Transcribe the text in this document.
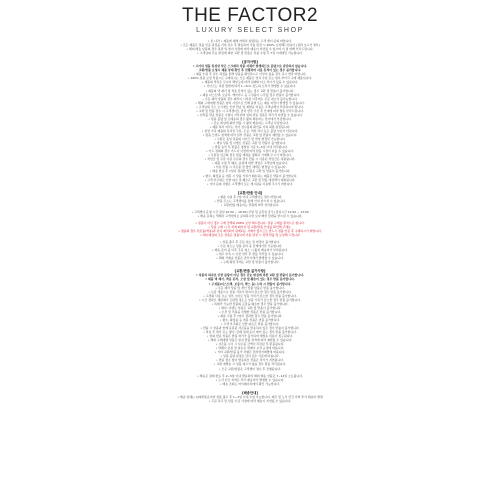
THE FACTOR2
LUXURY SELECT SHOP
• 본 나라 • 제품에 대해 자세히 설명하는 고객 센터 문의 바랍니다.
• 모든 제품은 정품 인증 과정을 거쳐 검수 후 발송되며 가품 판정 시 200% 보상해드립니다 (결과 보고서 첨부)
• 해외 배송 상품의 경우 통관 및 현지 사정에 따라 배송이 지연될 수 있으며 이 점 양해 부탁드립니다.
• 고객님의 단순 변심에 의한 교환 및 반품은 상품 수령 후 7일 이내에만 가능합니다.
[공지사항]
• 고가의 명품 특성상 작은 스크래치 상품 자체가 발생하므로 불량으로 판단하지 않습니다.
교환/반품 요청시 제품 상태 확인 후 진행되며 사용 흔적이 있는 경우 불가합니다.
• 제품 수령 후 검수 과정을 통해 상품을 확인하시고 이상이 있을 경우 즉시 연락 바랍니다.
• 100% 정품 보장 상품으로 구매하시는 모든 제품은 정식 수입 또는 현지 부티크 구매 제품입니다.
• 제품의 색상은 모니터 해상도에 따라 실제와 다소 차이가 있을 수 있습니다.
• 사이즈는 측정 방법에 따라 1~3cm 정도의 오차가 발생할 수 있습니다.
• 제품의 택 제거 및 착용 흔적이 있는 경우 교환 및 반품이 불가합니다.
• 제품 더스트백, 보증서, 케어카드 등 구성품이 누락될 경우 반품이 불가합니다.
• 주문 제작 상품의 경우 제작이 시작된 이후에는 주문 취소가 불가능합니다.
• 해외 구매대행 상품은 현지 사정으로 인해 품절 또는 배송 지연이 발생할 수 있습니다.
• 고객님의 주소 오기재로 인한 반송 및 재발송 비용은 고객님께서 부담하셔야 합니다.
• 교환 및 반품 접수 시 고객센터로 먼저 연락 주신 후 안내에 따라 발송 부탁드립니다.
• 선착불 반송 상품은 수령이 거부되며 임의 반송 상품은 처리가 지연될 수 있습니다.
• 상품 불량 및 오배송의 경우 왕복 배송비는 당사에서 부담합니다.
• 단순 변심에 의한 반품 시 왕복 배송비는 고객님 부담입니다.
• 제품 하자 여부는 당사 검수팀의 확인을 거쳐 최종 판정됩니다.
• 천연 가죽 제품의 특성상 주름, 모공, 색상 차이 등은 불량 사유가 아닙니다.
• 명품 브랜드 정책에 따라 일부 상품은 교환 및 반품이 제한될 수 있습니다.
• 교환은 동일 상품의 사이즈 및 색상 변경만 가능합니다.
• 세일 상품 및 이벤트 상품은 교환 및 반품이 불가합니다.
• 반품 승인 후 환불은 영업일 기준 3~5일 이내 처리됩니다.
• 카드 결제의 경우 카드사 사정에 따라 환불 시점이 다를 수 있습니다.
• 무통장 입금의 경우 환불 계좌를 정확히 기재해 주시기 바랍니다.
• 적립금 및 쿠폰 사용 주문의 경우 반품 시 사용된 적립금은 복원됩니다.
• 제품 수령 후 훼손, 분실에 대한 책임은 고객님께 있습니다.
• 부분 반품 시 사은품 및 할인 혜택은 변경될 수 있습니다.
• 배송 완료 후 7일이 경과한 상품은 교환 및 반품이 불가합니다.
• 향수, 화장품 등 개봉 시 상품 가치가 훼손되는 제품은 반품이 불가합니다.
• 고객 부주의로 인한 파손 및 훼손은 교환 및 반품 대상에서 제외됩니다.
• 기타 문의 사항은 고객센터 또는 게시판을 이용해 주시기 바랍니다.
[교환/반품 안내]
• 제품 수령 후 7일 이내 고객센터로 접수 바랍니다.
• 반품 주소는 고객센터를 통해 안내 받으실 수 있습니다.
• 교환/반품 배송비는 상황에 따라 상이합니다.
• 고객센터 운영 시간 평일 10:00 ~ 18:00 (주말 및 공휴일 휴무) 점심시간 12:00 ~ 13:00
• 배송 문의는 택배사 고객센터로 문의하시면 보다 빠른 답변을 받으실 수 있습니다.
• 정품이 아닌 경우 구매 금액의 200% 보상 해드립니다. 정품 구매를 원칙으로 합니다.
• 상품 구매 시 꼭 상세 페이지 및 교환/반품 안내를 확인해 주세요.
• 명품의 경우 위조품(짝퉁)과 같이 제작되어 판매되는 사례가 많으므로 반드시 정품 인증 후 구매하시기 바랍니다.
• 저희 매장의 모든 상품은 정품이며 가품 판정 시 전액 환불 및 보상해 드립니다.
• 상품 출고 후 주문 취소 및 변경이 불가합니다.
• 주문 취소는 상품 준비 중 단계에서만 가능합니다.
• 배송 준비 중 이후 주문 취소 시 왕복 배송비가 부과됩니다.
• 재고 부족 시 사전 연락 후 환불 처리될 수 있습니다.
• 해외 직배송 상품은 관부가세가 발생할 수 있습니다.
• 구매 확정 후에는 교환 및 반품이 불가합니다.
[교환/반품 불가사항]
• 상품의 하자로 인한 불량이 아닌 경우 단순 변심에 의한 교환 및 반품이 불가합니다.
• 제품 택 제거, 착용 흔적, 오염 및 훼손이 있는 경우 반품 불가합니다.
• 구성품(더스트백, 보증서, 박스 등) 누락 시 반품이 불가합니다.
• 주문 제작 상품 및 개인 맞춤 상품은 반품 불가합니다.
• 포장 개봉으로 상품 가치가 현저히 감소한 경우 반품 불가합니다.
• 고객의 사용 또는 일부 소비로 상품 가치가 감소한 경우 반품 불가합니다.
• 시간 경과로 재판매가 곤란할 정도로 상품 가치가 감소한 경우 반품 불가합니다.
• 복제가 가능한 상품의 포장을 훼손한 경우 반품 불가합니다.
• 세일, 이벤트 상품은 교환 및 반품이 불가합니다.
• 수선 및 리폼을 진행한 상품은 반품 불가합니다.
• 제품 수령 후 7일이 경과한 경우 반품 불가합니다.
• 향수, 화장품 등 개봉 상품은 반품 불가합니다.
• 고객 부주의로 인한 파손은 반품 불가합니다.
• 반품 시 상품과 함께 동봉된 사은품을 반송하지 않은 경우 반품이 불가합니다.
• 착용 후 세탁 또는 향수, 담배 냄새 등이 배어 있는 경우 반품 불가합니다.
• 임의 반송 상품은 반품 처리가 불가하며 재발송 비용이 청구됩니다.
• 해외 구매대행 상품은 현지 반품 정책에 따라 제한될 수 있습니다.
• 사은품 누락 시 사은품 금액이 차감된 후 환불됩니다.
• 택배사 분실 및 파손은 택배사 보상 규정에 따릅니다.
• 기타 교환/반품 불가 사항은 전자상거래법에 따릅니다.
• 상품 불량 판정은 당사 검수 기준에 따릅니다.
• 반품 접수 없이 발송하신 상품은 처리가 지연됩니다.
• 교환 재발송 시 상품 재고가 없을 경우 환불 처리됩니다.
• 모든 교환/반품은 고객센터 접수 후 진행됩니다.
• 배송은 결제 완료 후 2~5일 이내 발송되며 해외 배송 상품은 7~14일 소요됩니다.
• 도서 산간 지역은 추가 배송비가 발생할 수 있습니다.
• 배송 조회는 마이페이지에서 확인 가능합니다.
[배송안내]
• 배송 업체는 CJ대한통운이며 상품 출고 후 1~3일 이내 수령 가능합니다. 제주 및 도서 산간 지역 추가 배송비 발생
• 주문 폭주 및 상품 수급 사정에 따라 배송이 지연될 수 있습니다.
